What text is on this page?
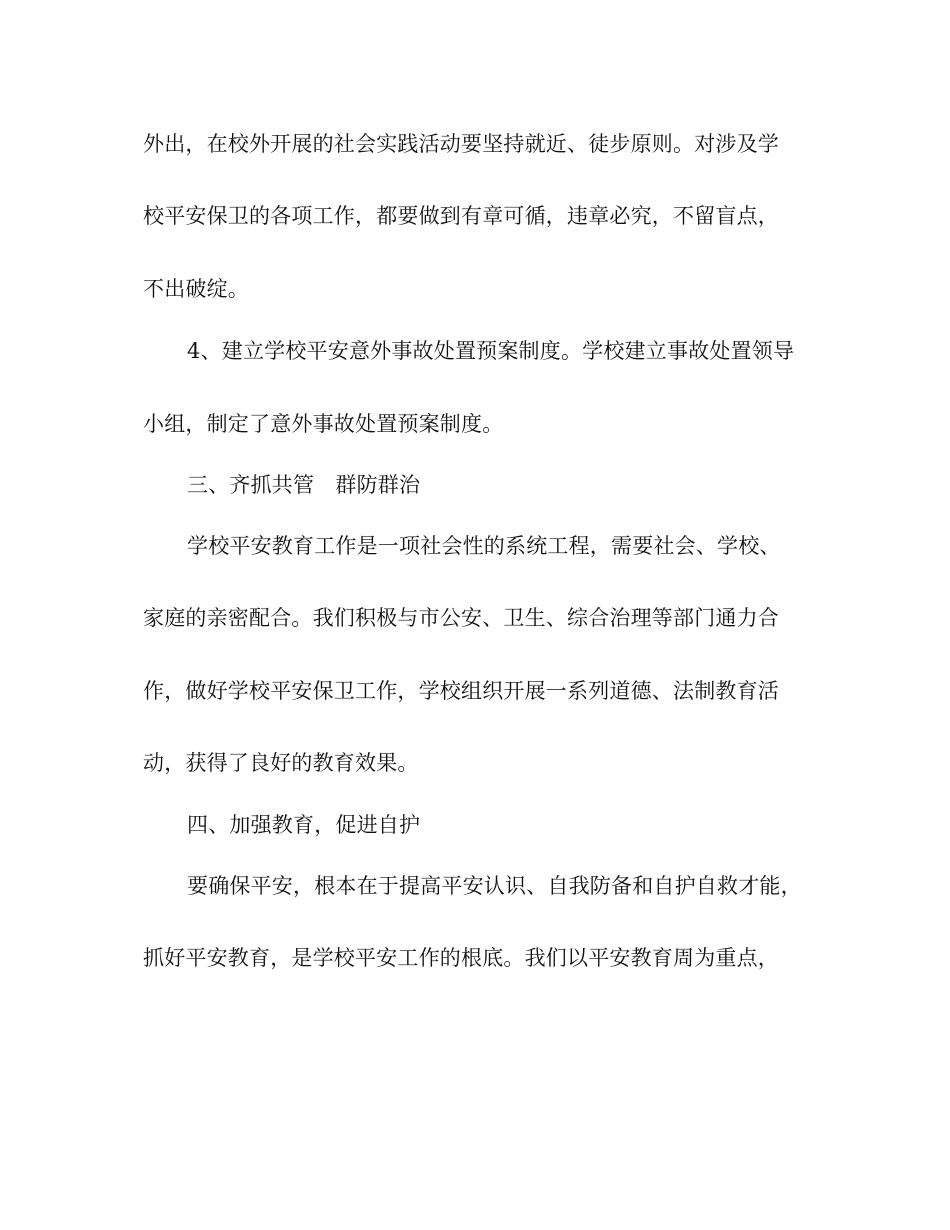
外出，在校外开展的社会实践活动要坚持就近、徒步原则。对涉及学
校平安保卫的各项工作，都要做到有章可循，违章必究，不留盲点，
不出破绽。
4、建立学校平安意外事故处置预案制度。学校建立事故处置领导
小组，制定了意外事故处置预案制度。
三、齐抓共管　群防群治
学校平安教育工作是一项社会性的系统工程，需要社会、学校、
家庭的亲密配合。我们积极与市公安、卫生、综合治理等部门通力合
作，做好学校平安保卫工作，学校组织开展一系列道德、法制教育活
动，获得了良好的教育效果。
四、加强教育，促进自护
要确保平安，根本在于提高平安认识、自我防备和自护自救才能，
抓好平安教育，是学校平安工作的根底。我们以平安教育周为重点，
